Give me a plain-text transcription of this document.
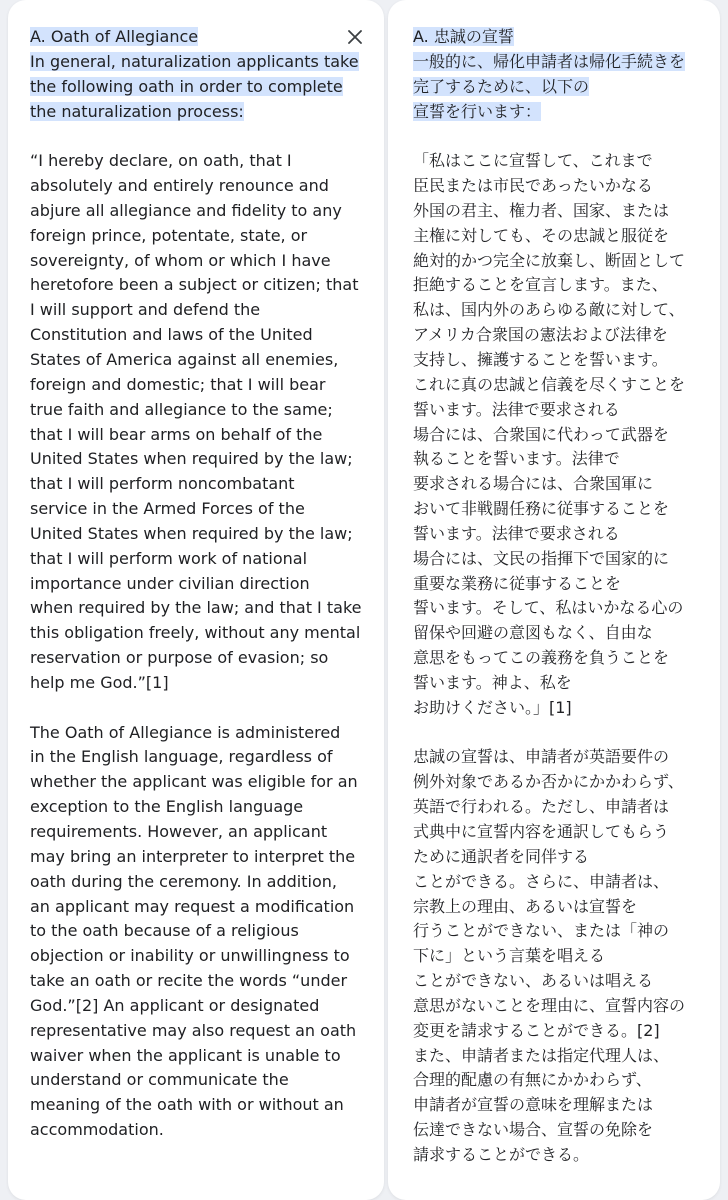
A. Oath of Allegiance
In general, naturalization applicants take
the following oath in order to complete
the naturalization process:
“I hereby declare, on oath, that I
absolutely and entirely renounce and
abjure all allegiance and fidelity to any
foreign prince, potentate, state, or
sovereignty, of whom or which I have
heretofore been a subject or citizen; that
I will support and defend the
Constitution and laws of the United
States of America against all enemies,
foreign and domestic; that I will bear
true faith and allegiance to the same;
that I will bear arms on behalf of the
United States when required by the law;
that I will perform noncombatant
service in the Armed Forces of the
United States when required by the law;
that I will perform work of national
importance under civilian direction
when required by the law; and that I take
this obligation freely, without any mental
reservation or purpose of evasion; so
help me God.”[1]
The Oath of Allegiance is administered
in the English language, regardless of
whether the applicant was eligible for an
exception to the English language
requirements. However, an applicant
may bring an interpreter to interpret the
oath during the ceremony. In addition,
an applicant may request a modification
to the oath because of a religious
objection or inability or unwillingness to
take an oath or recite the words “under
God.”[2] An applicant or designated
representative may also request an oath
waiver when the applicant is unable to
understand or communicate the
meaning of the oath with or without an
accommodation.
A. 忠誠の宣誓
一般的に、帰化申請者は帰化手続きを
完了するために、以下の
宣誓を行います：
「私はここに宣誓して、これまで
臣民または市民であったいかなる
外国の君主、権力者、国家、または
主権に対しても、その忠誠と服従を
絶対的かつ完全に放棄し、断固として
拒絶することを宣言します。また、
私は、国内外のあらゆる敵に対して、
アメリカ合衆国の憲法および法律を
支持し、擁護することを誓います。
これに真の忠誠と信義を尽くすことを
誓います。法律で要求される
場合には、合衆国に代わって武器を
執ることを誓います。法律で
要求される場合には、合衆国軍に
おいて非戦闘任務に従事することを
誓います。法律で要求される
場合には、文民の指揮下で国家的に
重要な業務に従事することを
誓います。そして、私はいかなる心の
留保や回避の意図もなく、自由な
意思をもってこの義務を負うことを
誓います。神よ、私を
お助けください。」[1]
忠誠の宣誓は、申請者が英語要件の
例外対象であるか否かにかかわらず、
英語で行われる。ただし、申請者は
式典中に宣誓内容を通訳してもらう
ために通訳者を同伴する
ことができる。さらに、申請者は、
宗教上の理由、あるいは宣誓を
行うことができない、または「神の
下に」という言葉を唱える
ことができない、あるいは唱える
意思がないことを理由に、宣誓内容の
変更を請求することができる。[2]
また、申請者または指定代理人は、
合理的配慮の有無にかかわらず、
申請者が宣誓の意味を理解または
伝達できない場合、宣誓の免除を
請求することができる。
